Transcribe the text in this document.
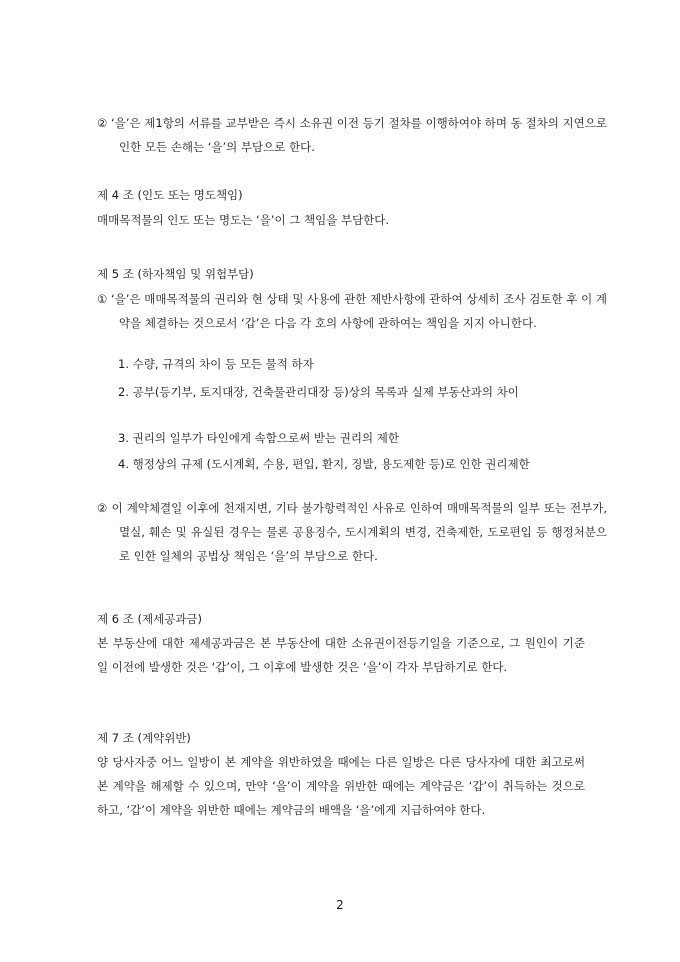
② ‘을’은 제1항의 서류를 교부받은 즉시 소유권 이전 등기 절차를 이행하여야 하며 동 절차의 지연으로 인한 모든 손해는 ‘을’의 부담으로 한다.

제 4 조 (인도 또는 명도책임)

매매목적물의 인도 또는 명도는 ‘을’이 그 책임을 부담한다.

제 5 조 (하자책임 및 위험부담)

① ‘을’은 매매목적물의 권리와 현 상태 및 사용에 관한 제반사항에 관하여 상세히 조사 검토한 후 이 계약을 체결하는 것으로서 ‘갑’은 다음 각 호의 사항에 관하여는 책임을 지지 아니한다.

1. 수량, 규격의 차이 등 모든 물적 하자

2. 공부(등기부, 토지대장, 건축물관리대장 등)상의 목록과 실제 부동산과의 차이

3. 권리의 일부가 타인에게 속함으로써 받는 권리의 제한

4. 행정상의 규제 (도시계획, 수용, 편입, 환지, 징발, 용도제한 등)로 인한 권리제한

② 이 계약체결일 이후에 천재지변, 기타 불가항력적인 사유로 인하여 매매목적물의 일부 또는 전부가, 멸실, 훼손 및 유실된 경우는 물론 공용징수, 도시계획의 변경, 건축제한, 도로편입 등 행정처분으로 인한 일체의 공법상 책임은 ‘을’의 부담으로 한다.

제 6 조 (제세공과금)

본 부동산에 대한 제세공과금은 본 부동산에 대한 소유권이전등기일을 기준으로, 그 원인이 기준일 이전에 발생한 것은 ‘갑’이, 그 이후에 발생한 것은 ‘을’이 각자 부담하기로 한다.

제 7 조 (계약위반)

양 당사자중 어느 일방이 본 계약을 위반하였을 때에는 다른 일방은 다른 당사자에 대한 최고로써 본 계약을 해제할 수 있으며, 만약 ‘을’이 계약을 위반한 때에는 계약금은 ‘갑’이 취득하는 것으로 하고, ‘갑’이 계약을 위반한 때에는 계약금의 배액을 ‘을’에게 지급하여야 한다.

2
